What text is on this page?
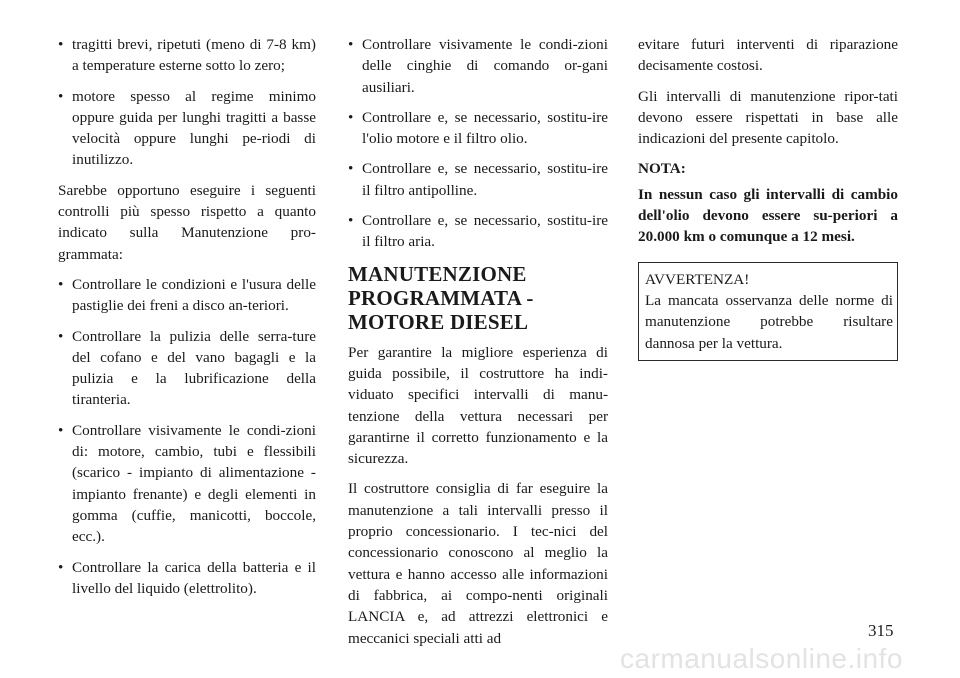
• tragitti brevi, ripetuti (meno di 7-8 km) a temperature esterne sotto lo zero;
• motore spesso al regime minimo oppure guida per lunghi tragitti a basse velocità oppure lunghi pe-riodi di inutilizzo.

Sarebbe opportuno eseguire i seguenti controlli più spesso rispetto a quanto indicato sulla Manutenzione pro-grammata:

• Controllare le condizioni e l'usura delle pastiglie dei freni a disco an-teriori.
• Controllare la pulizia delle serra-ture del cofano e del vano bagagli e la pulizia e la lubrificazione della tiranteria.
• Controllare visivamente le condi-zioni di: motore, cambio, tubi e flessibili (scarico - impianto di alimentazione - impianto frenante) e degli elementi in gomma (cuffie, manicotti, boccole, ecc.).
• Controllare la carica della batteria e il livello del liquido (elettrolito).
• Controllare visivamente le condi-zioni delle cinghie di comando or-gani ausiliari.
• Controllare e, se necessario, sostitu-ire l'olio motore e il filtro olio.
• Controllare e, se necessario, sostitu-ire il filtro antipolline.
• Controllare e, se necessario, sostitu-ire il filtro aria.
MANUTENZIONE PROGRAMMATA - MOTORE DIESEL

Per garantire la migliore esperienza di guida possibile, il costruttore ha indi-viduato specifici intervalli di manu-tenzione della vettura necessari per garantirne il corretto funzionamento e la sicurezza.

Il costruttore consiglia di far eseguire la manutenzione a tali intervalli presso il proprio concessionario. I tec-nici del concessionario conoscono al meglio la vettura e hanno accesso alle informazioni di fabbrica, ai compo-nenti originali LANCIA e, ad attrezzi elettronici e meccanici speciali atti ad

evitare futuri interventi di riparazione decisamente costosi.

Gli intervalli di manutenzione ripor-tati devono essere rispettati in base alle indicazioni del presente capitolo.

NOTA:
In nessun caso gli intervalli di cambio dell'olio devono essere su-periori a 20.000 km o comunque a 12 mesi.
AVVERTENZA!
La mancata osservanza delle norme di manutenzione potrebbe risultare dannosa per la vettura.
315
carmanualsonline.info
